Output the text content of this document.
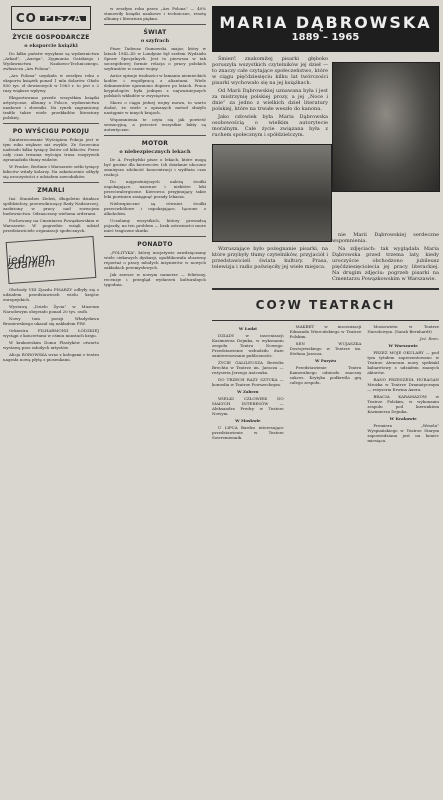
CO PISZĄ
ŻYCIE GOSPODARCZE
o eksporcie książki

Do kilku państw wysyłane są wydawnictwa „Arkad”, „Auriga”, Zygmunta Gatzkiego i Wydawnictwa Naukowo-Technicznego, zwłaszcza „Ars Polona”.

„Ars Polona” uzyskała w zeszłym roku z eksportu książek ponad 1 mln dolarów. Około 800 tys. zł dewizowych w 1963 r. to jest o 2 razy większe wpływy.

Eksportowano przede wszystkim książki artystyczne, albumy o Polsce, wydawnictwa naukowe i słowniki. Na rynek zagraniczny trafiło także wiele przekładów literatury polskiej.

PO WYŚCIGU POKOJU

Zainteresowanie Wyścigiem Pokoju jest w tym roku większe niż zwykle. Ze Szczecina nadeszło kilka tysięcy listów od kibiców. Przez cały czas trwania wyścigu trasa rozgrywek zgromadziła tłumy widzów.

W Pradze, Berlinie i Warszawie setki tysięcy kibiców witały kolarzy. Na zakończenie odbyły się uroczystości z udziałem zawodników.

ZMARLI

Inż. Stanisław Zieleń, długoletni działacz spółdzielczy, przewodniczący Rady Nadzorczej, zasłużony w pracy nad rozwojem budownictwa. Odznaczony wieloma orderami.

Pochowany na Cmentarzu Powązkowskim w Warszawie. W pogrzebie wzięli udział przedstawiciele organizacji społecznych.

jednym zdaniem

Obchody VIII Zjazdu PISARZY odbyły się z udziałem przedstawicieli wielu krajów europejskich.

Wystawę „Dzieło Życia” w Muzeum Narodowym obejrzało ponad 20 tys. osób.

Nowy tom poezji Władysława Broniewskiego ukazał się nakładem PIW.

Orkiestra FILHARMONII ŁÓDZKIEJ wystąpi z koncertami w ośmiu miastach kraju.

W krakowskim Domu Plastyków otwarto wystawę prac młodych artystów.

Alicja BOROWSKA wraz z kolegami z teatru nagrała nową płytę z piosenkami.

w zeszłym roku przez „Ars Polona” — 40% stanowiły książki naukowe i techniczne, resztę albumy i literatura piękna.

ŚWIAT
o szyfrach

Pisze Tadeusz Gumowski, major, który w latach 1942–45 w Londynie był szefem Wydziału Spraw Specjalnych. Jest to pierwsza w tak szczegółowej formie relacja o pracy polskich szyfrantów w czasie wojny.

Autor opisuje trudności w łamaniu niemieckich kodów i współpracę z aliantami. Wiele dokumentów ujawniono dopiero po latach. Praca kryptologów była jednym z najważniejszych polskich wkładów w zwycięstwo.

Skoro o ciągu jednej wojny mowa, to warto dodać, że wiele z opisanych metod służyło następnie w innych krajach.

Wspomnienia te czyta się jak powieść sensacyjną, a przecież wszystkie fakty są autentyczne.

MOTOR
o niebezpiecznych lekach

Dr A. Przybylski pisze o lekach, które mogą być groźne dla kierowców. Ich działanie uboczne zmniejsza zdolność koncentracji i wydłuża czas reakcji.

Do najgroźniejszych należą środki uspokajające, nasenne i niektóre leki przeciwalergiczne. Kierowca przyjmujący takie leki powinien zasięgnąć porady lekarza.

Niebezpieczne są również środki przeciwbólowe i uspokajające, łączone z alkoholem.

Uczulamy wszystkich, którzy prowadzą pojazdy, na ten problem — brak ostrożności może mieć tragiczne skutki.

PONADTO

„POLITYKA”, której inicjatywie zawdzięczamy wiele ciekawych dyskusji, opublikowała obszerny reportaż o pracy młodych inżynierów w nowych zakładach przemysłowych.

Jak zawsze w nowym numerze — felietony, recenzje i przegląd wydarzeń kulturalnych tygodnia.

MARIA DĄBROWSKA
1889 – 1965

Śmierć znakomitej pisarki głęboko poruszyła wszystkich czytelników jej dzieł — to znaczy całe czytające społeczeństwo, które w ciągu pięćdziesięciu kilku lat twórczości pisarki wychowało się na jej książkach.

Od Marii Dąbrowskiej uznawana była i jest za mistrzynię polskiej prozy, a jej „Noce i dnie” za jedno z wielkich dzieł literatury polskiej, które na trwałe weszło do kanonu.

Jako człowiek była Maria Dąbrowska osobowością o wielkim autorytecie moralnym. Całe życie związana była z ruchem społecznym i spółdzielczym.

Wzruszające było pożegnanie pisarki, na które przybyły tłumy czytelników, przyjaciół i przedstawicieli świata kultury. Prasa, telewizja i radio poświęciły jej wiele miejsca.

nie Marii Dąbrowskiej serdeczne wspomnienia.

Na zdjęciach: tak wyglądała Maria Dąbrowska przed trzema laty, kiedy uroczyście obchodzono jubileusz pięćdziesięciolecia jej pracy literackiej. Na drugim zdjęciu: pogrzeb pisarki na Cmentarzu Powązkowskim w Warszawie.

CO?W TEATRACH
W Łodzi

DZIADY w inscenizacji Kazimierza Dejmka, w wykonaniu zespołu Teatru Nowego. Przedstawienie wzbudziło duże zainteresowanie publiczności.

ŻYCIE GALILEUSZA Bertolta Brechta w Teatrze im. Jaracza — reżyseria Jerzego Antczaka.

DO TRZECH RAZY SZTUKA — komedia w Teatrze Powszechnym.

W Zabrzu

WIELKI CZŁOWIEK DO MAŁYCH INTERESÓW — Aleksandra Fredry w Teatrze Nowym.

W Moskwie

U LIPCA Bardzo interesujące przedstawienie w Teatrze Sowremiennik.

MAKBET w inscenizacji Edmunda Wiercińskiego w Teatrze Polskim.

SEN WUJASZKA Dostojewskiego w Teatrze im. Stefana Jaracza.

W Paryżu

Przedstawienie Teatru Kameralnego odniosło znaczny sukces. Krytyka podkreśla grę całego zespołu.

Mossowietu w Teatrze Narodowym. (Sarah Bernhardt)

Jeż. Rom.
W Warszawie

PRZEZ MOJE OKULARY — pod tym tytułem zaprezentowano w Teatrze Ateneum nowy spektakl kabaretowy z udziałem znanych aktorów.

RANO PRZESZEDŁ HURAGAN Mrożka w Teatrze Dramatycznym — reżyseria Erwina Axera.

BRACIA KARAMAZOW w Teatrze Polskim, w wykonaniu zespołu pod kierunkiem Kazimierza Dejmka.

W Krakowie

Premiera „Wesela” Wyspiańskiego w Teatrze Starym zapowiedziana jest na koniec miesiąca.
